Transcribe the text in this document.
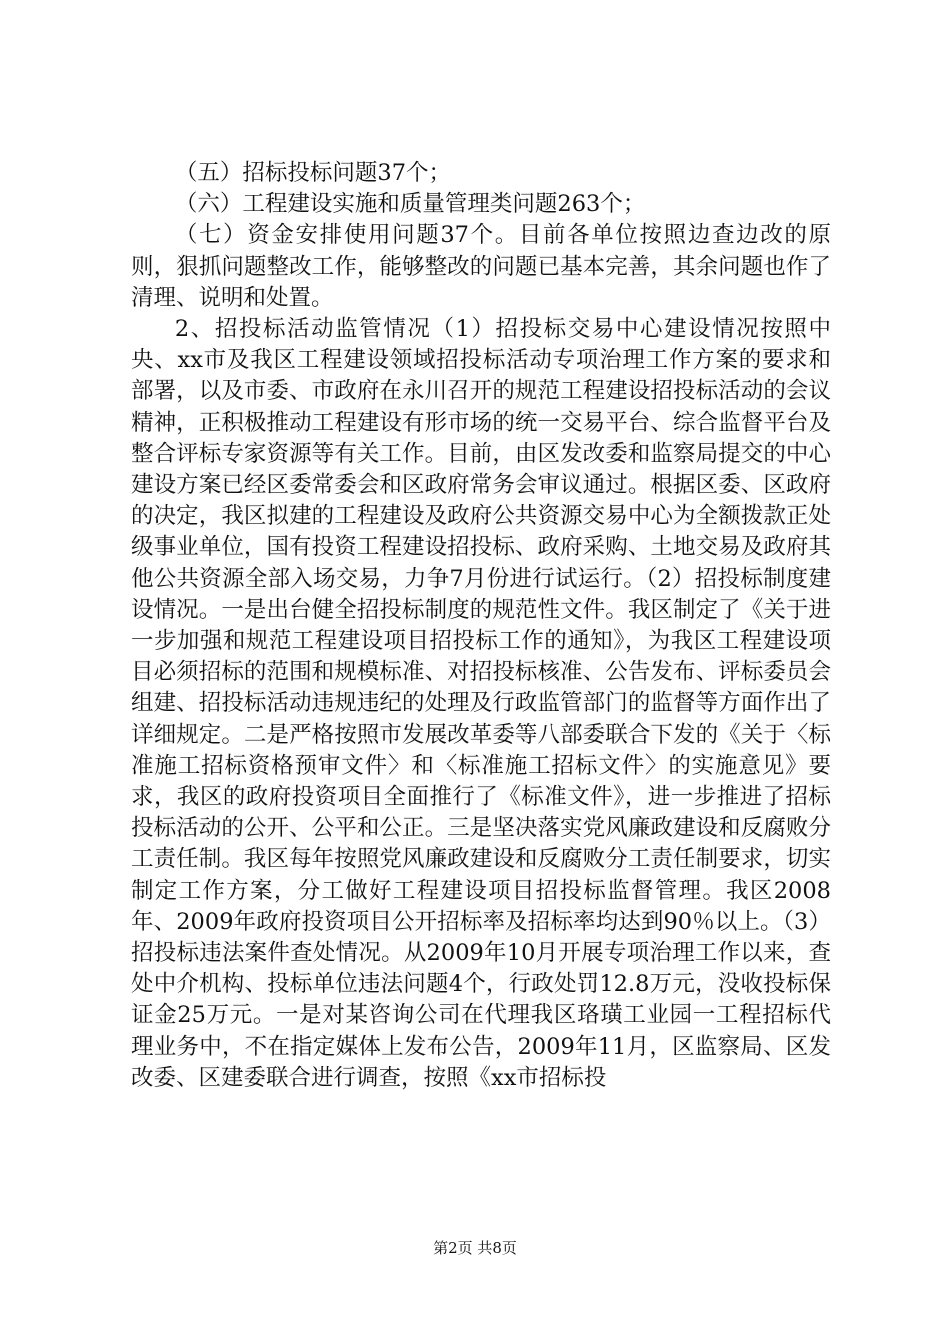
（五）招标投标问题37个；

（六）工程建设实施和质量管理类问题263个；

（七）资金安排使用问题37个。目前各单位按照边查边改的原则，狠抓问题整改工作，能够整改的问题已基本完善，其余问题也作了清理、说明和处置。

2、招投标活动监管情况（1）招投标交易中心建设情况按照中央、xx市及我区工程建设领域招投标活动专项治理工作方案的要求和部署，以及市委、市政府在永川召开的规范工程建设招投标活动的会议精神，正积极推动工程建设有形市场的统一交易平台、综合监督平台及整合评标专家资源等有关工作。目前，由区发改委和监察局提交的中心建设方案已经区委常委会和区政府常务会审议通过。根据区委、区政府的决定，我区拟建的工程建设及政府公共资源交易中心为全额拨款正处级事业单位，国有投资工程建设招投标、政府采购、土地交易及政府其他公共资源全部入场交易，力争7月份进行试运行。（2）招投标制度建设情况。一是出台健全招投标制度的规范性文件。我区制定了《关于进一步加强和规范工程建设项目招投标工作的通知》，为我区工程建设项目必须招标的范围和规模标准、对招投标核准、公告发布、评标委员会组建、招投标活动违规违纪的处理及行政监管部门的监督等方面作出了详细规定。二是严格按照市发展改革委等八部委联合下发的《关于〈标准施工招标资格预审文件〉和〈标准施工招标文件〉的实施意见》要求，我区的政府投资项目全面推行了《标准文件》，进一步推进了招标投标活动的公开、公平和公正。三是坚决落实党风廉政建设和反腐败分工责任制。我区每年按照党风廉政建设和反腐败分工责任制要求，切实制定工作方案，分工做好工程建设项目招投标监督管理。我区2008年、2009年政府投资项目公开招标率及招标率均达到90％以上。（3）招投标违法案件查处情况。从2009年10月开展专项治理工作以来，查处中介机构、投标单位违法问题4个，行政处罚12.8万元，没收投标保证金25万元。一是对某咨询公司在代理我区珞璜工业园一工程招标代理业务中，不在指定媒体上发布公告，2009年11月，区监察局、区发改委、区建委联合进行调查，按照《xx市招标投

第2页 共8页
